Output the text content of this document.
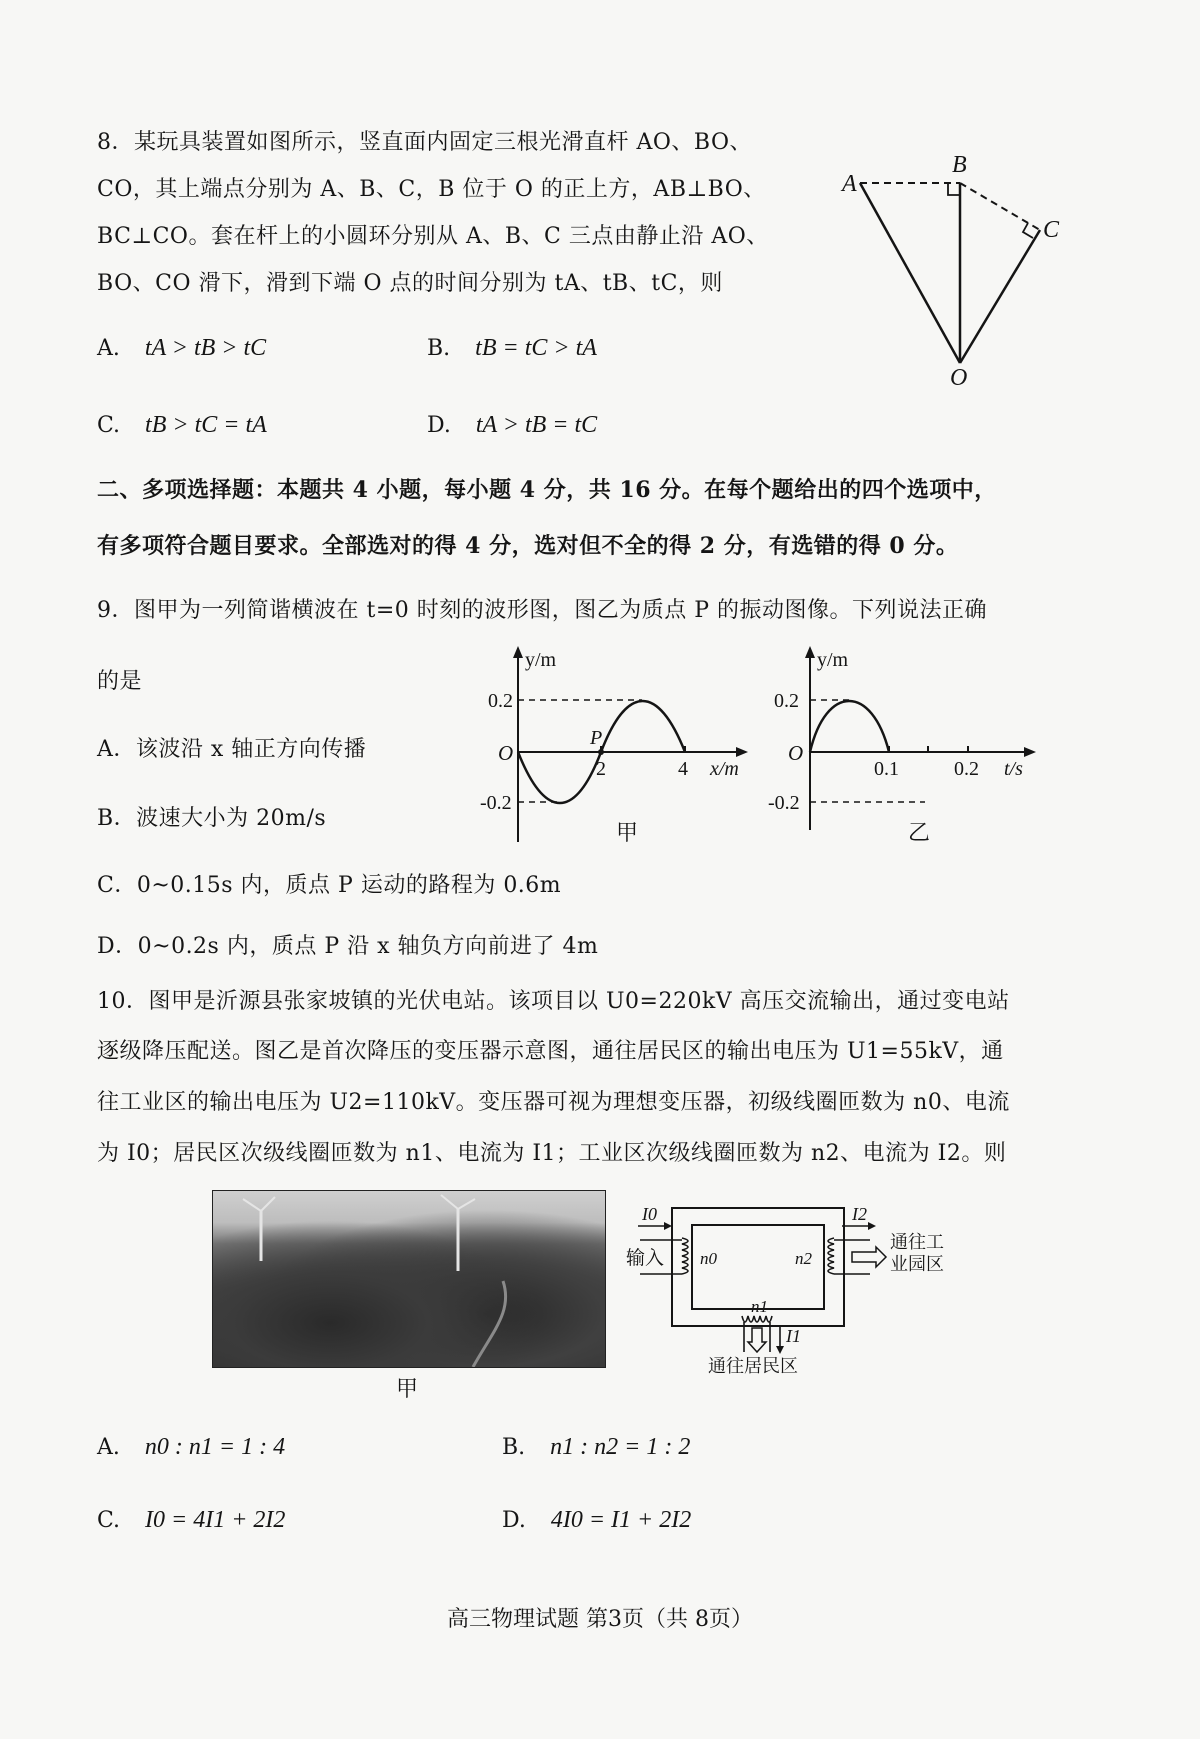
8．某玩具装置如图所示，竖直面内固定三根光滑直杆 AO、BO、
CO，其上端点分别为 A、B、C，B 位于 O 的正上方，AB⊥BO、
BC⊥CO。套在杆上的小圆环分别从 A、B、C 三点由静止沿 AO、
BO、CO 滑下，滑到下端 O 点的时间分别为 tA、tB、tC，则
A. tA > tB > tC	B. tB = tC > tA
C. tB > tC = tA	D. tA > tB = tC
A
B
C
O
二、多项选择题：本题共 4 小题，每小题 4 分，共 16 分。在每个题给出的四个选项中，
有多项符合题目要求。全部选对的得 4 分，选对但不全的得 2 分，有选错的得 0 分。
9．图甲为一列简谐横波在 t=0 时刻的波形图，图乙为质点 P 的振动图像。下列说法正确
的是
A．该波沿 x 轴正方向传播
B．波速大小为 20m/s
C．0~0.15s 内，质点 P 运动的路程为 0.6m
D．0~0.2s 内，质点 P 沿 x 轴负方向前进了 4m
y/m
O
0.2
-0.2
2	4
P
x/m
甲
y/m
O
0.2
-0.2
0.1	0.2 t/s
乙
10．图甲是沂源县张家坡镇的光伏电站。该项目以 U0=220kV 高压交流输出，通过变电站
逐级降压配送。图乙是首次降压的变压器示意图，通往居民区的输出电压为 U1=55kV，通
往工业区的输出电压为 U2=110kV。变压器可视为理想变压器，初级线圈匝数为 n0、电流
为 I0；居民区次级线圈匝数为 n1、电流为 I1；工业区次级线圈匝数为 n2、电流为 I2。则
甲
I0
输入 n0	n2
n1
I2
I1
通往工
业园区
通往居民区
A. n0 : n1 = 1 : 4	B. n1 : n2 = 1 : 2
C. I0 = 4I1 + 2I2	D. 4I0 = I1 + 2I2
高三物理试题 第3页（共 8页）
